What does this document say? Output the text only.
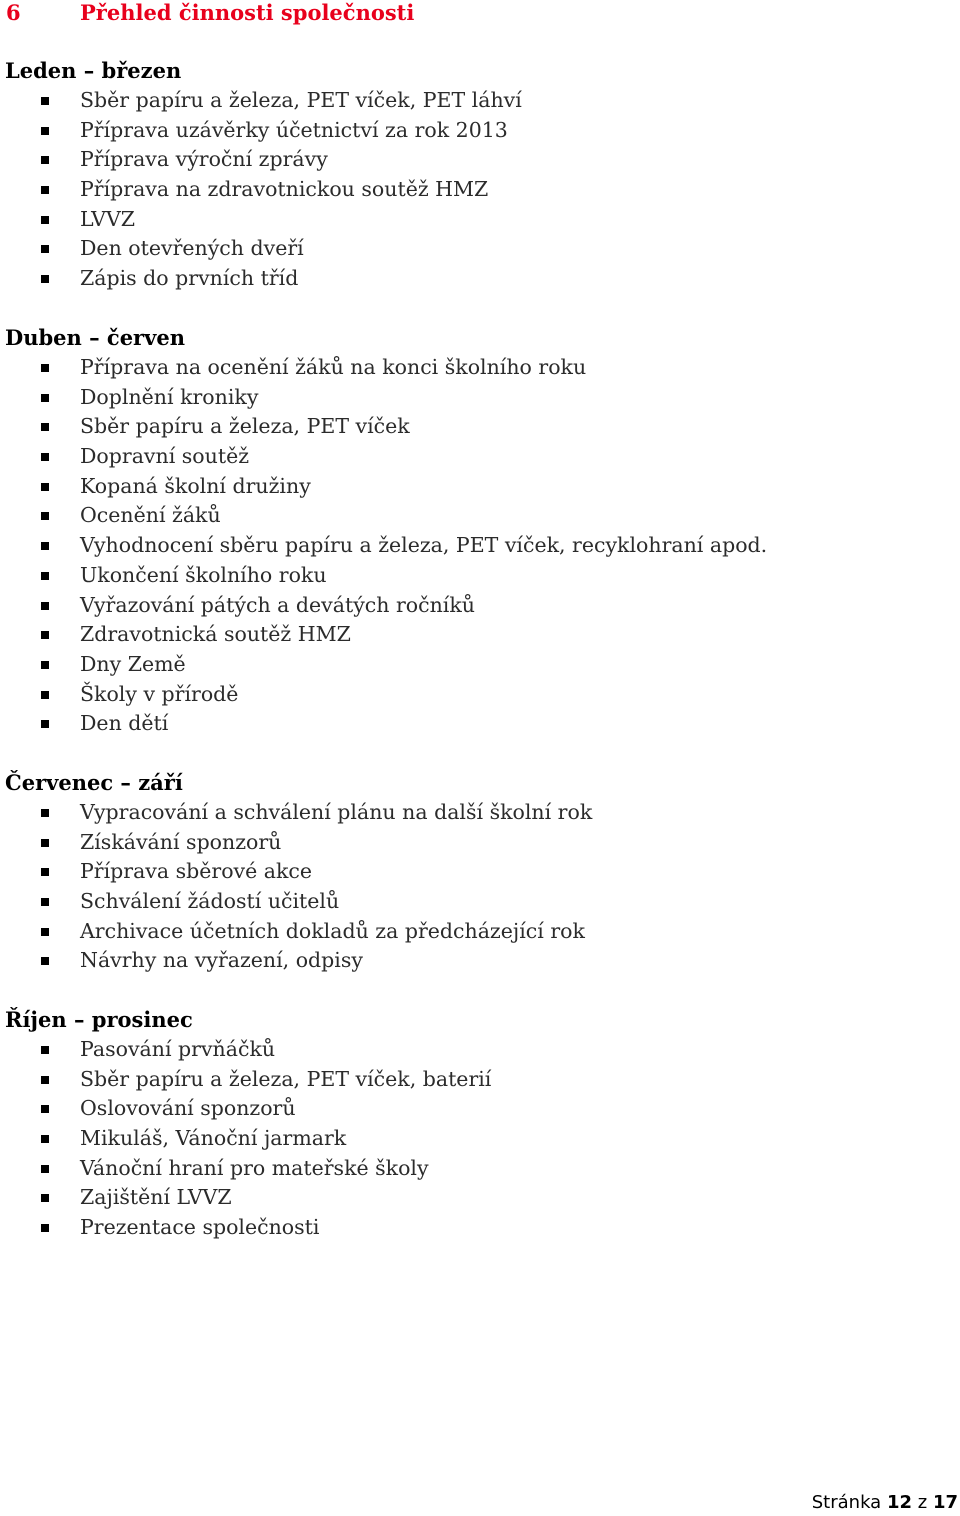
6	Přehled činnosti společnosti
Leden – březen
Sběr papíru a železa, PET víček, PET láhví
Příprava uzávěrky účetnictví za rok 2013
Příprava výroční zprávy
Příprava na zdravotnickou soutěž HMZ
LVVZ
Den otevřených dveří
Zápis do prvních tříd
Duben – červen
Příprava na ocenění žáků na konci školního roku
Doplnění kroniky
Sběr papíru a železa, PET víček
Dopravní soutěž
Kopaná školní družiny
Ocenění žáků
Vyhodnocení sběru papíru a železa, PET víček, recyklohraní apod.
Ukončení školního roku
Vyřazování pátých a devátých ročníků
Zdravotnická soutěž HMZ
Dny Země
Školy v přírodě
Den dětí
Červenec – září
Vypracování a schválení plánu na další školní rok
Získávání sponzorů
Příprava sběrové akce
Schválení žádostí učitelů
Archivace účetních dokladů za předcházející rok
Návrhy na vyřazení, odpisy
Říjen – prosinec
Pasování prvňáčků
Sběr papíru a železa, PET víček, baterií
Oslovování sponzorů
Mikuláš, Vánoční jarmark
Vánoční hraní pro mateřské školy
Zajištění LVVZ
Prezentace společnosti
Stránka 12 z 17
